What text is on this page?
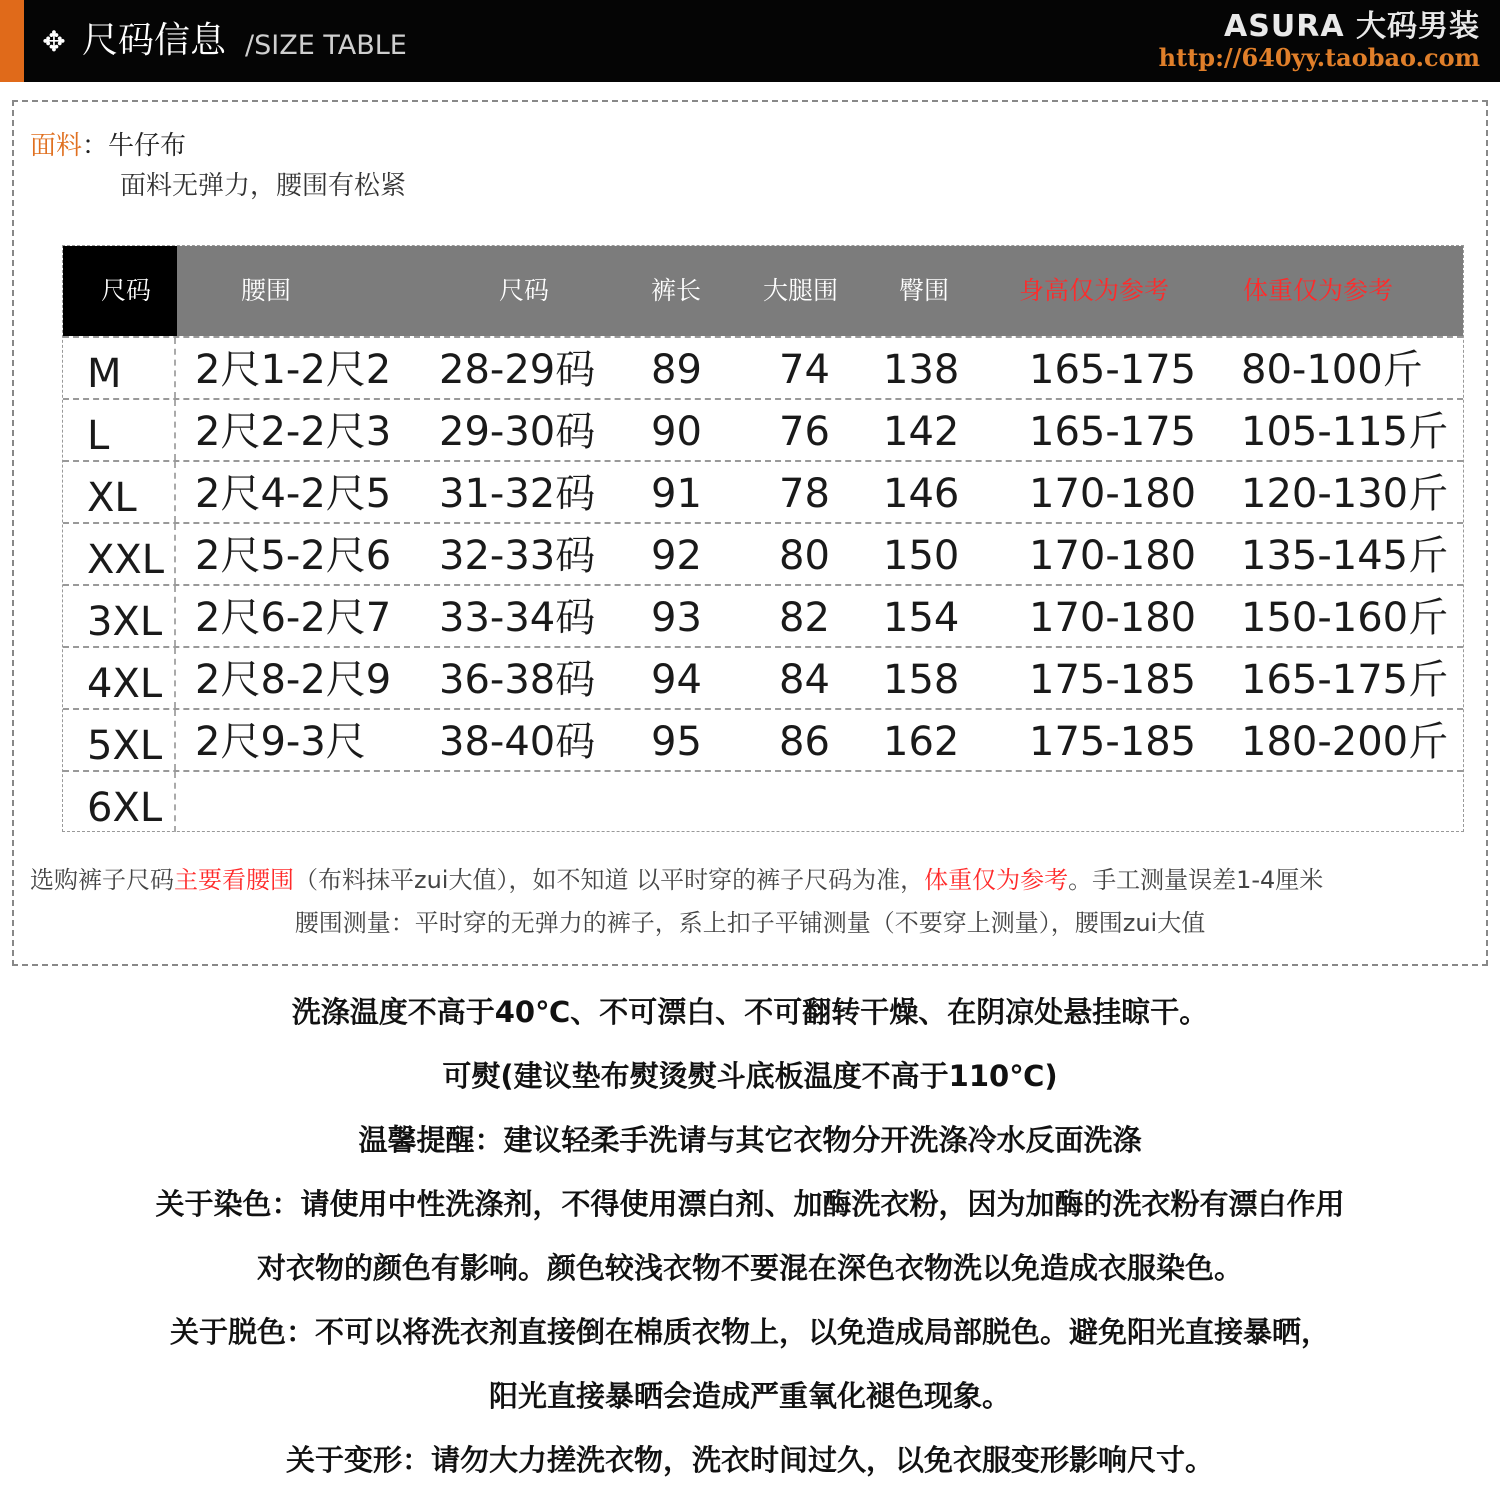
✥ 尺码信息 /SIZE TABLE
ASURA 大码男装
http://640yy.taobao.com
面料：牛仔布
面料无弹力，腰围有松紧
尺码	腰围	尺码	裤长 大腿围 臀围	身高仅为参考	体重仅为参考
M 2尺1-2尺2 28-29码 89 74 138 165-175 80-100斤
L 2尺2-2尺3 29-30码 90 76 142 165-175 105-115斤
XL 2尺4-2尺5 31-32码 91 78 146 170-180 120-130斤
XXL 2尺5-2尺6 32-33码 92 80 150 170-180 135-145斤
3XL 2尺6-2尺7 33-34码 93 82 154 170-180 150-160斤
4XL 2尺8-2尺9 36-38码 94 84 158 175-185 165-175斤
5XL 2尺9-3尺 38-40码 95 86 162 175-185 180-200斤
6XL
选购裤子尺码主要看腰围（布料抹平zui大值），如不知道 以平时穿的裤子尺码为准，体重仅为参考。手工测量误差1-4厘米
腰围测量：平时穿的无弹力的裤子，系上扣子平铺测量（不要穿上测量），腰围zui大值
洗涤温度不高于40℃、不可漂白、不可翻转干燥、在阴凉处悬挂晾干。
可熨(建议垫布熨烫熨斗底板温度不高于110℃)
温馨提醒：建议轻柔手洗请与其它衣物分开洗涤冷水反面洗涤
关于染色：请使用中性洗涤剂，不得使用漂白剂、加酶洗衣粉，因为加酶的洗衣粉有漂白作用
对衣物的颜色有影响。颜色较浅衣物不要混在深色衣物洗以免造成衣服染色。
关于脱色：不可以将洗衣剂直接倒在棉质衣物上，以免造成局部脱色。避免阳光直接暴晒，
阳光直接暴晒会造成严重氧化褪色现象。
关于变形：请勿大力搓洗衣物，洗衣时间过久，以免衣服变形影响尺寸。
